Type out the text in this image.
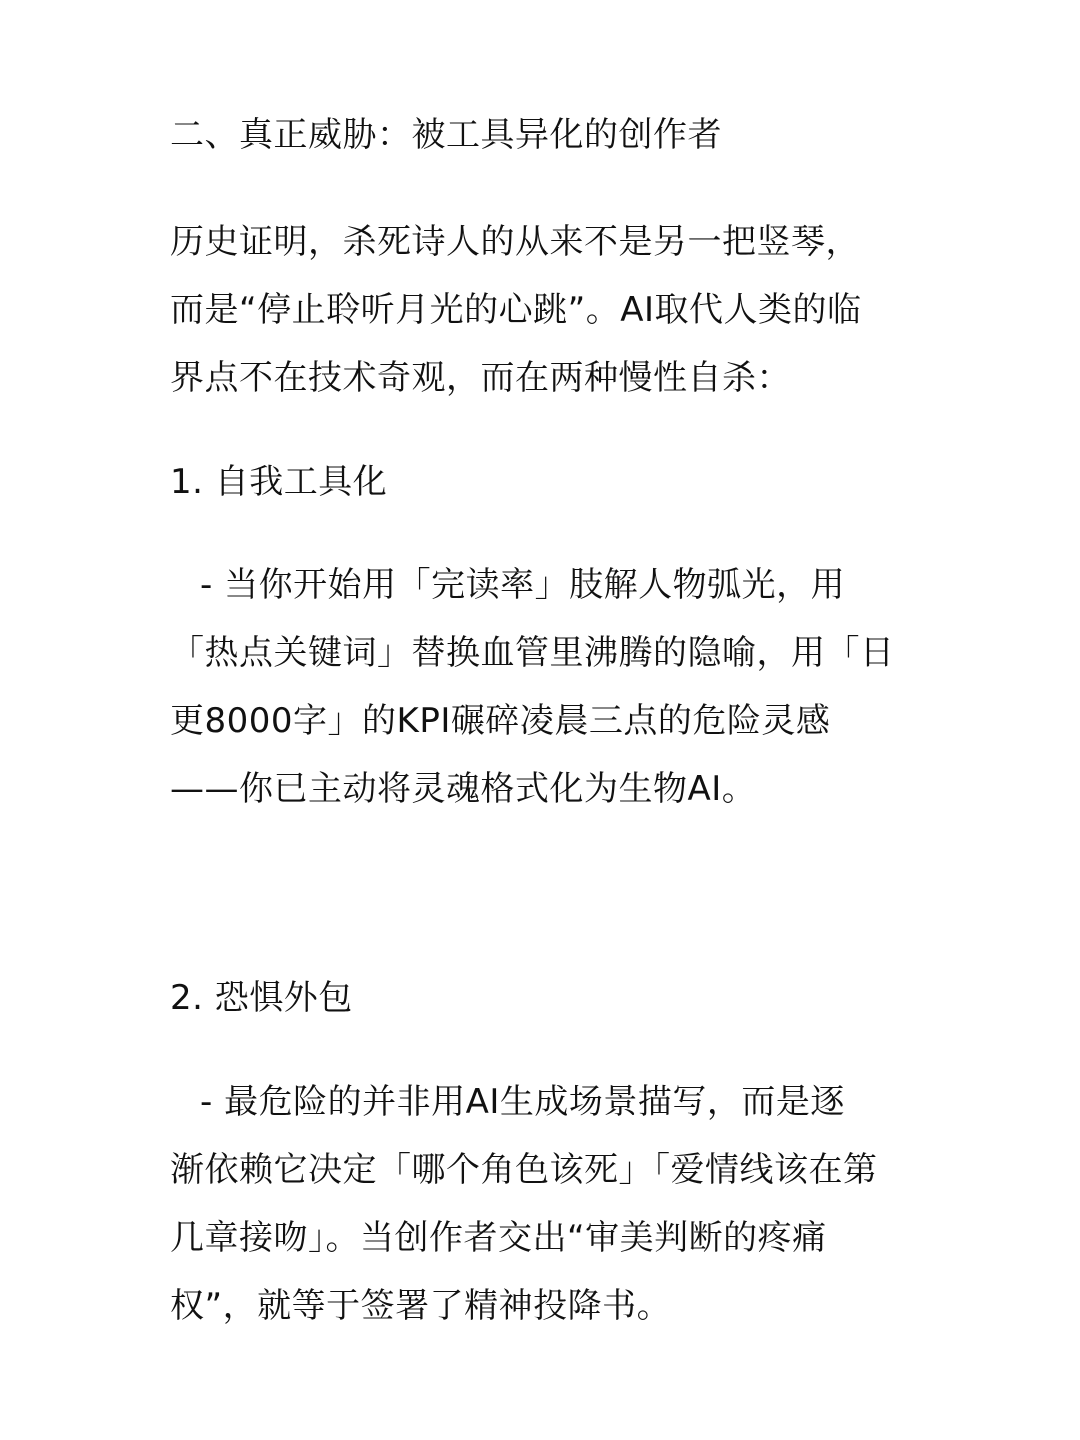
二、真正威胁：被工具异化的创作者
历史证明，杀死诗人的从来不是另一把竖琴，
而是“停止聆听月光的心跳”。AI取代人类的临
界点不在技术奇观，而在两种慢性自杀：
1. 自我工具化
- 当你开始用「完读率」肢解人物弧光，用
「热点关键词」替换血管里沸腾的隐喻，用「日
更8000字」的KPI碾碎凌晨三点的危险灵感
——你已主动将灵魂格式化为生物AI。
2. 恐惧外包
- 最危险的并非用AI生成场景描写，而是逐
渐依赖它决定「哪个角色该死」「爱情线该在第
几章接吻」。当创作者交出“审美判断的疼痛
权”，就等于签署了精神投降书。
